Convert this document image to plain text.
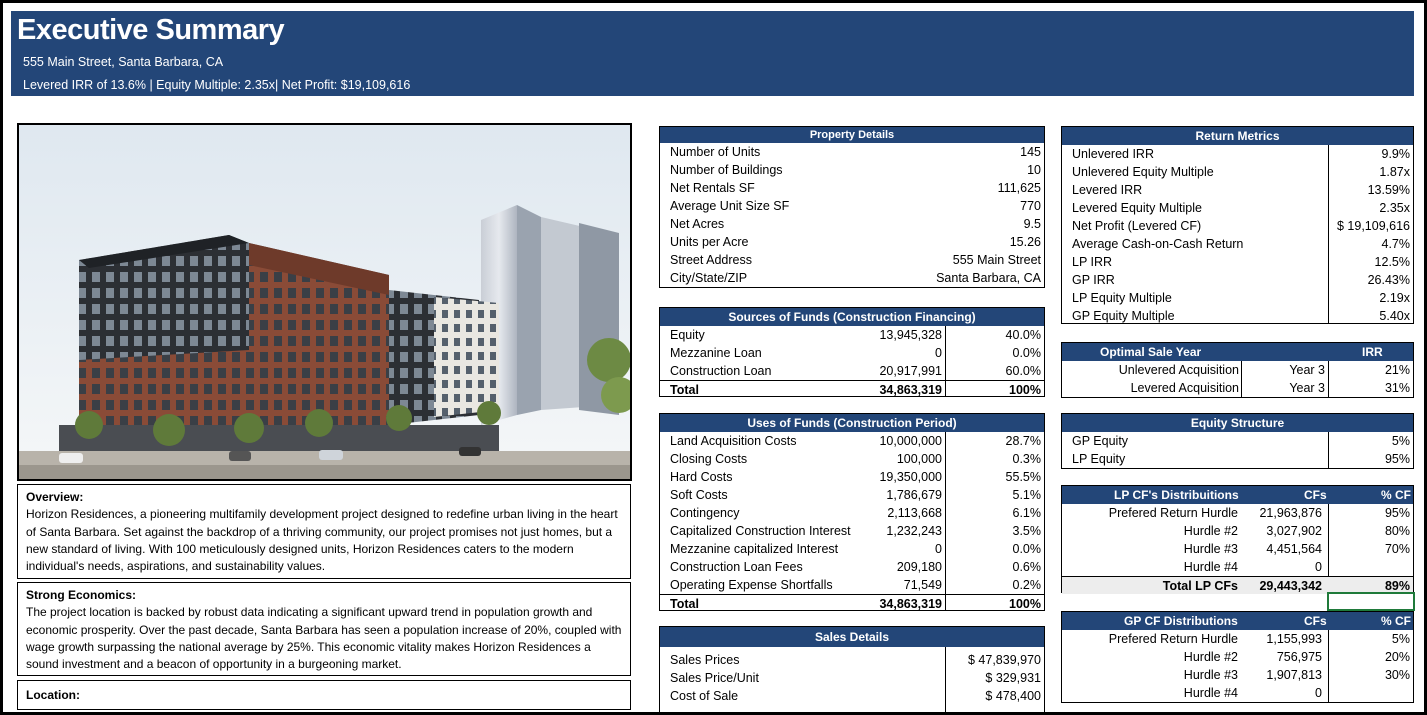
Executive Summary
555 Main Street, Santa Barbara, CA
Levered IRR of 13.6% | Equity Multiple: 2.35x| Net Profit: $19,109,616
Overview:
Horizon Residences, a pioneering multifamily development project designed to redefine urban living in the heart of Santa Barbara. Set against the backdrop of a thriving community, our project promises not just homes, but a new standard of living. With 100 meticulously designed units, Horizon Residences caters to the modern individual's needs, aspirations, and sustainability values.
Strong Economics:
The project location is backed by robust data indicating a significant upward trend in population growth and economic prosperity. Over the past decade, Santa Barbara has seen a population increase of 20%, coupled with wage growth surpassing the national average by 25%. This economic vitality makes Horizon Residences a sound investment and a beacon of opportunity in a burgeoning market.
Location:
Property Details
Number of Units	145
Number of Buildings	10
Net Rentals SF	111,625
Average Unit Size SF	770
Net Acres	9.5
Units per Acre	15.26
Street Address	555 Main Street
City/State/ZIP	Santa Barbara, CA
Sources of Funds (Construction Financing)
Equity	13,945,328	40.0%
Mezzanine Loan	0	0.0%
Construction Loan	20,917,991	60.0%
Total	34,863,319	100%
Uses of Funds (Construction Period)
Land Acquisition Costs	10,000,000	28.7%
Closing Costs	100,000	0.3%
Hard Costs	19,350,000	55.5%
Soft Costs	1,786,679	5.1%
Contingency	2,113,668	6.1%
Capitalized Construction Interest	1,232,243	3.5%
Mezzanine capitalized Interest	0	0.0%
Construction Loan Fees	209,180	0.6%
Operating Expense Shortfalls	71,549	0.2%
Total	34,863,319	100%
Sales Details
Sales Prices	$ 47,839,970
Sales Price/Unit	$ 329,931
Cost of Sale	$ 478,400
Return Metrics
Unlevered IRR	9.9%
Unlevered Equity Multiple	1.87x
Levered IRR	13.59%
Levered Equity Multiple	2.35x
Net Profit (Levered CF)	$ 19,109,616
Average Cash-on-Cash Return	4.7%
LP IRR	12.5%
GP IRR	26.43%
LP Equity Multiple	2.19x
GP Equity Multiple	5.40x
Optimal Sale Year	IRR
Unlevered Acquisition	Year 3	21%
Levered Acquisition	Year 3	31%
Equity Structure
GP Equity	5%
LP Equity	95%
LP CF's Distribuitions	CFs	% CF
Prefered Return Hurdle 21,963,876	95%
Hurdle #2 3,027,902	80%
Hurdle #3 4,451,564	70%
Hurdle #4	0
Total LP CFs 29,443,342	89%
GP CF Distributions	CFs	% CF
Prefered Return Hurdle 1,155,993	5%
Hurdle #2	756,975	20%
Hurdle #3 1,907,813	30%
Hurdle #4	0
